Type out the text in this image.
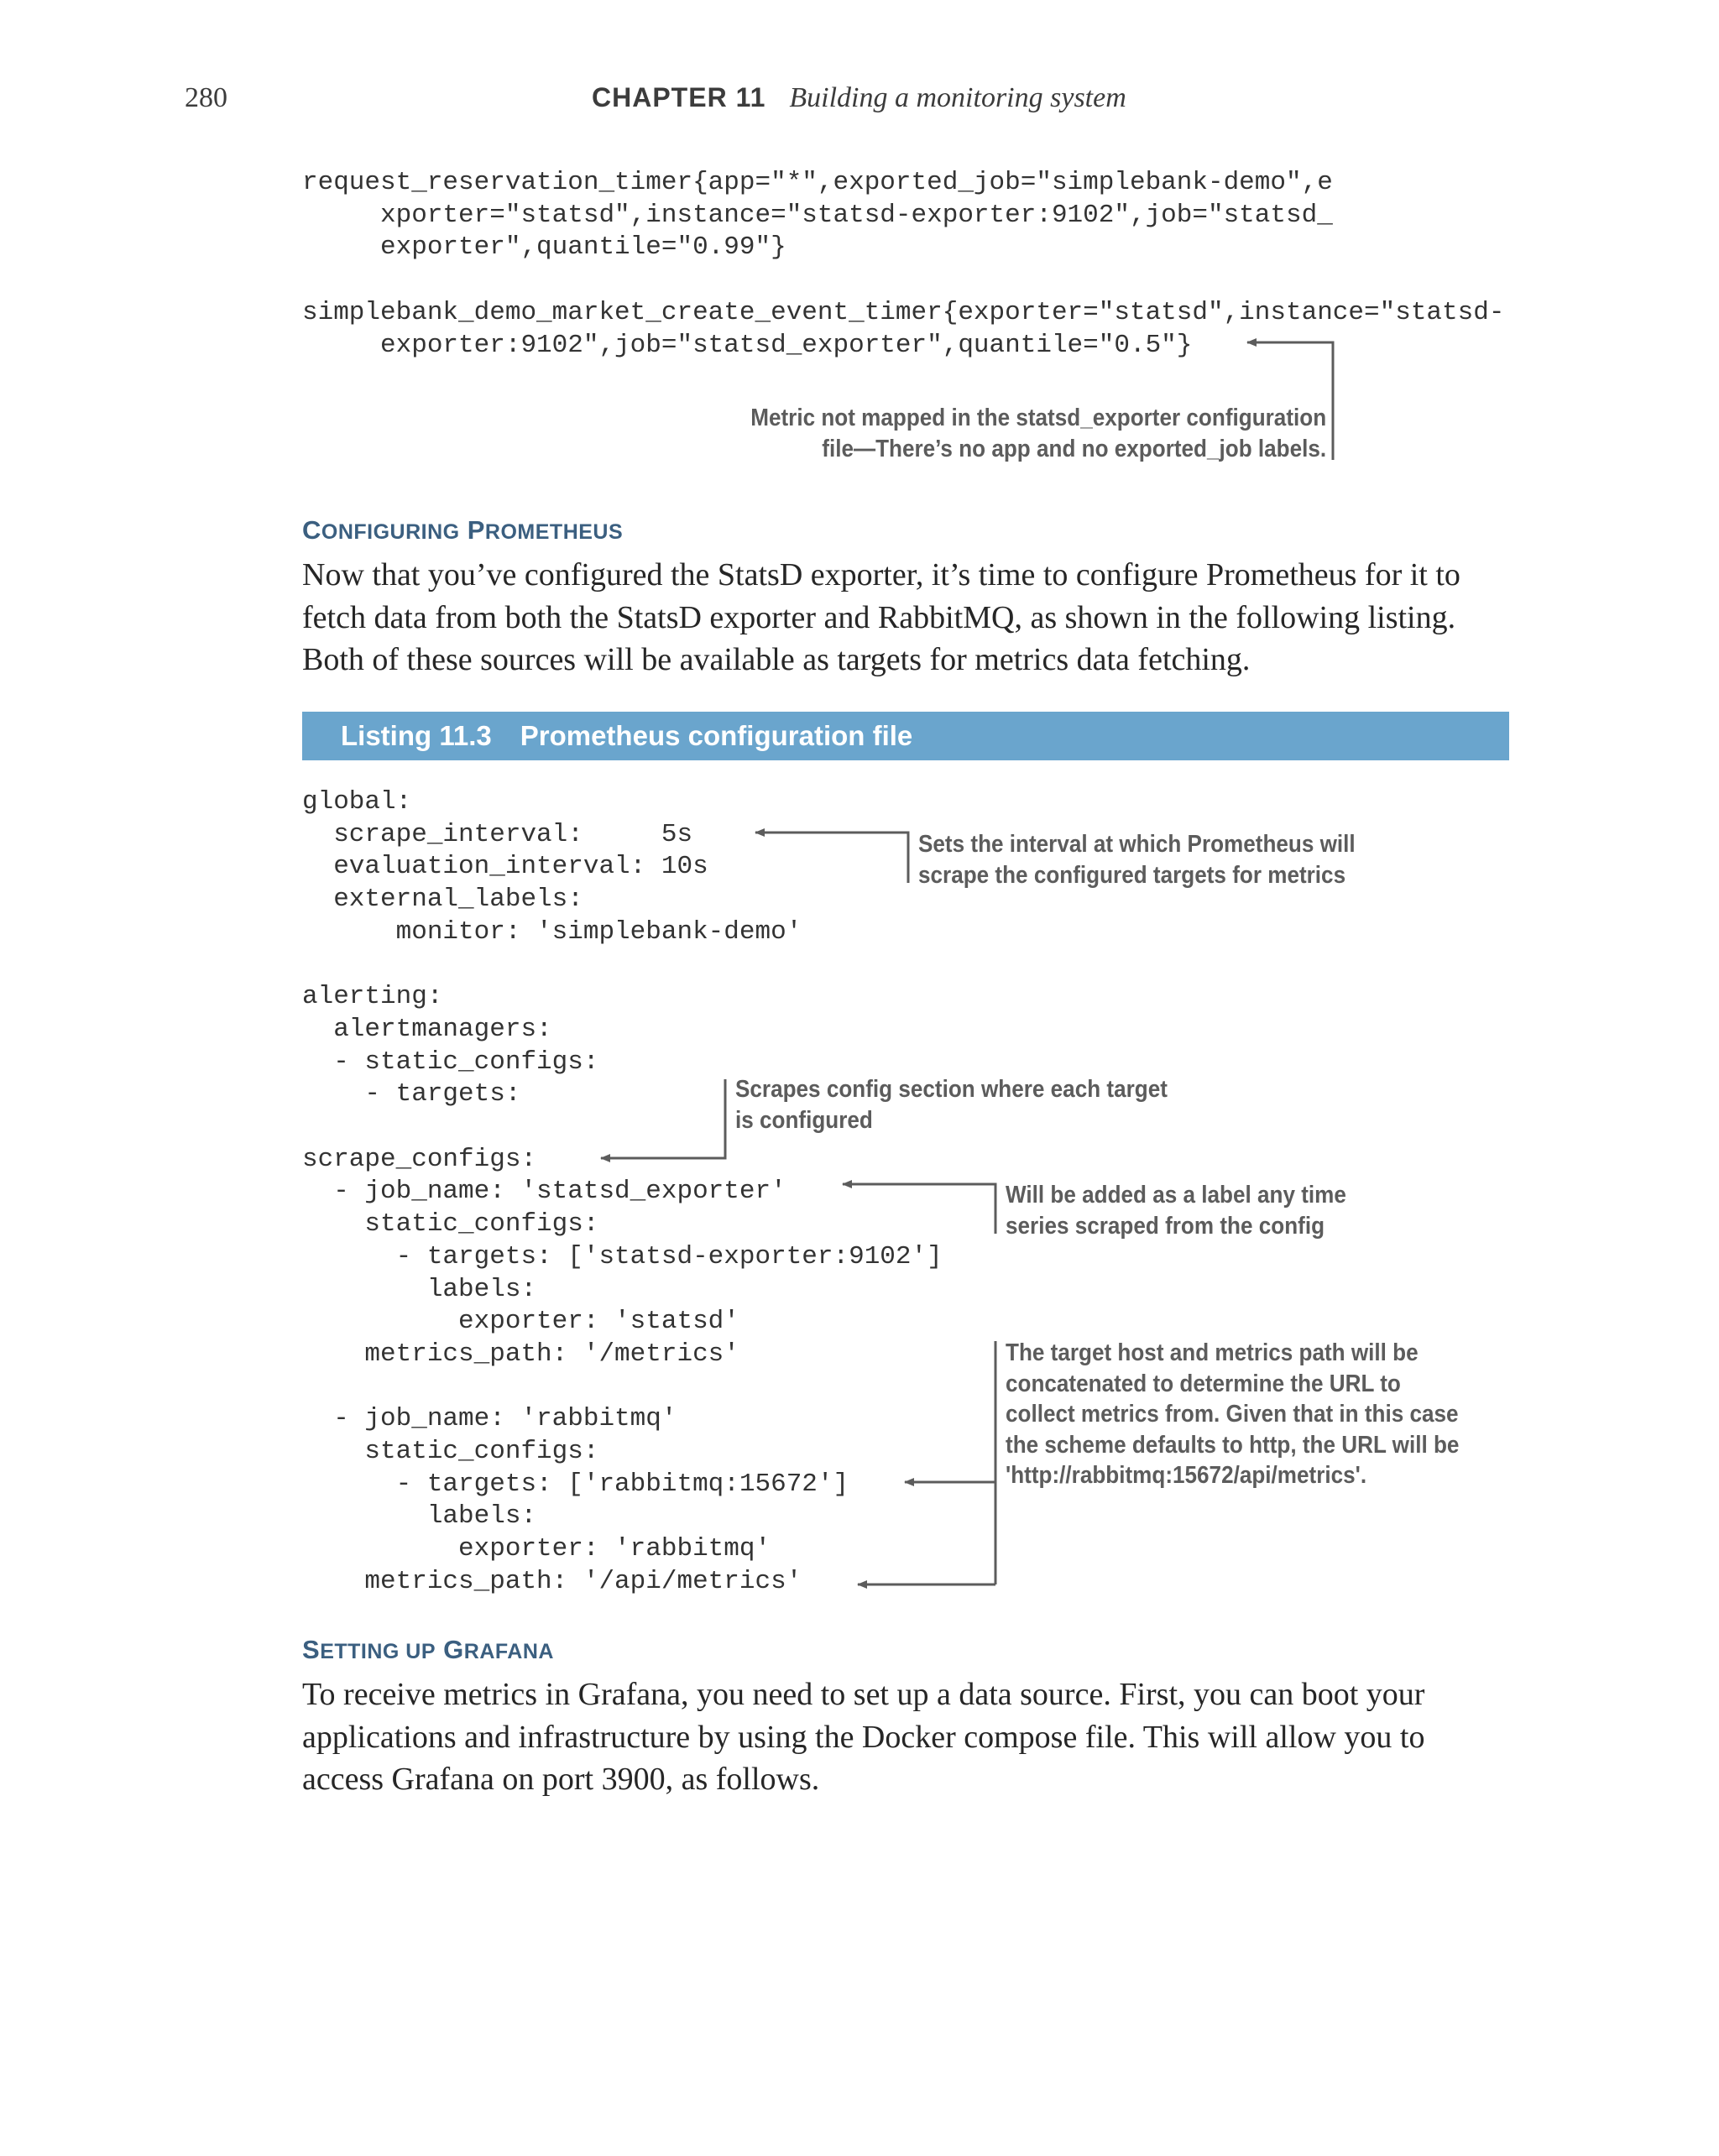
280	CHAPTER 11 Building a monitoring system
request_reservation_timer{app="*",exported_job="simplebank-demo",e
xporter="statsd",instance="statsd-exporter:9102",job="statsd_
exporter",quantile="0.99"}

simplebank_demo_market_create_event_timer{exporter="statsd",instance="statsd-
exporter:9102",job="statsd_exporter",quantile="0.5"}
Metric not mapped in the statsd_exporter configuration
file—There’s no app and no exported_job labels.
CONFIGURING PROMETHEUS
Now that you’ve configured the StatsD exporter, it’s time to configure Prometheus for it to fetch data from both the StatsD exporter and RabbitMQ, as shown in the following listing. Both of these sources will be available as targets for metrics data fetching.
Listing 11.3 Prometheus configuration file
global:
scrape_interval:     5s
evaluation_interval: 10s
external_labels:
monitor: 'simplebank-demo'

alerting:
alertmanagers:
- static_configs:
- targets:

scrape_configs:
- job_name: 'statsd_exporter'
static_configs:
- targets: ['statsd-exporter:9102']
labels:
exporter: 'statsd'
metrics_path: '/metrics'

- job_name: 'rabbitmq'
static_configs:
- targets: ['rabbitmq:15672']
labels:
exporter: 'rabbitmq'
metrics_path: '/api/metrics'
Sets the interval at which Prometheus will
scrape the configured targets for metrics
Scrapes config section where each target
is configured
Will be added as a label any time
series scraped from the config
The target host and metrics path will be
concatenated to determine the URL to
collect metrics from. Given that in this case
the scheme defaults to http, the URL will be
'http://rabbitmq:15672/api/metrics'.
SETTING UP GRAFANA
To receive metrics in Grafana, you need to set up a data source. First, you can boot your applications and infrastructure by using the Docker compose file. This will allow you to access Grafana on port 3900, as follows.
